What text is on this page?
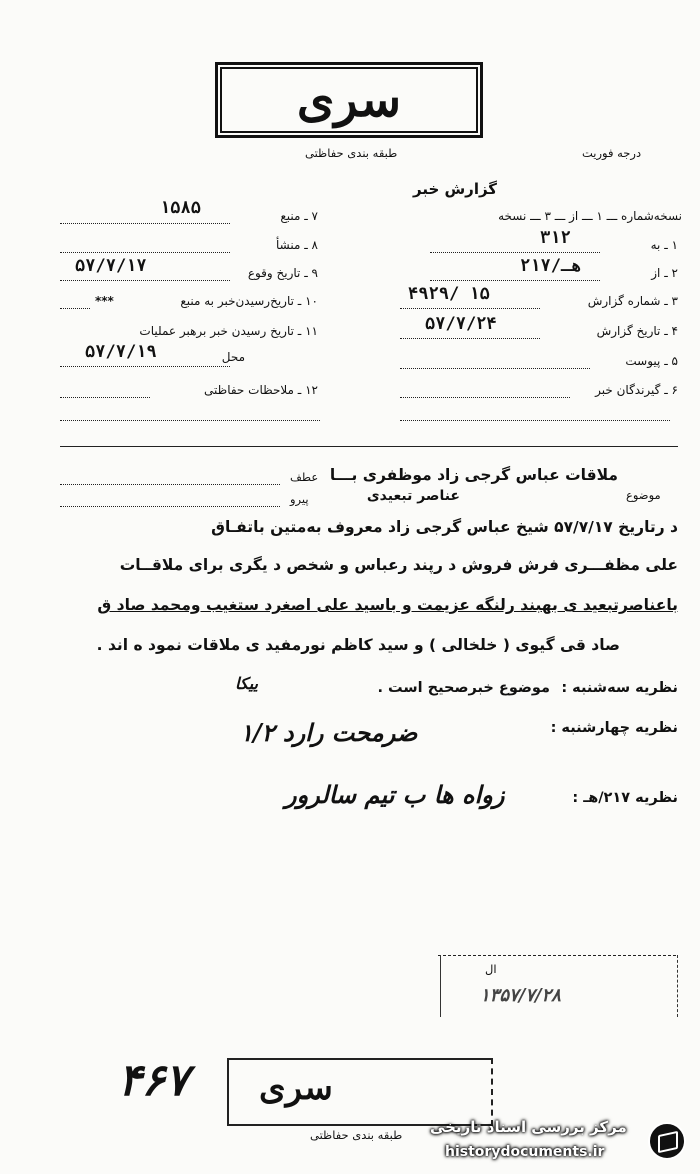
سری
طبقه بندی حفاظتی	درجه فوریت
گزارش خبر
نسخه‌شماره ـــ ۱ ـــ از ـــ ۳ ـــ نسخه
۱ ـ به
۳۱۲
۲ ـ از
۲۱۷/هـ
۳ ـ شماره گزارش
۴۹۲۹/ ۱۵
۴ ـ تاریخ گزارش
۵۷/۷/۲۴
۵ ـ پیوست
۶ ـ گیرندگان خبر
۷ ـ منبع
۱۵۸۵
۸ ـ منشأ
۹ ـ تاریخ وقوع
۵۷/۷/۱۷
۱۰ ـ تاریخ‌رسیدن‌خبر به منبع
***
۱۱ ـ تاریخ رسیدن خبر برهبر عملیات
محل
۵۷/۷/۱۹
۱۲ ـ ملاحظات حفاظتی
موضوع
ملاقات عباس گرجی زاد موظفری بـــا
عناصر تبعیدی
عطف
پیرو
د رتاریخ ۵۷/۷/۱۷ شیخ عباس گرجی زاد معروف به‌متین باتفـاق
علی مظفـــری فرش فروش د رپند رعباس و شخص د یگری برای ملاقــات
باعناصرتبعید ی بهبند رلنگه عزیمت و باسید علی اصغرد ستغیب ومحمد صاد ق
صاد قی گیوی ( خلخالی ) و سید کاظم نورمفید ی ملاقات نمود ه اند .
نظریه سه‌شنبه :
موضوع خبرصحیح است .
ییکا
نظریه چهارشنبه :
ضرمحت رارد ۱/۲
نظریه ۲۱۷/هـ :
زواه ها ب تیم سالرور
ال
۱۳۵۷/۷/۲۸
۴۶۷ سری
طبقه بندی حفاظتی مرکز بررسی اسناد تاریخی
historydocuments.ir
